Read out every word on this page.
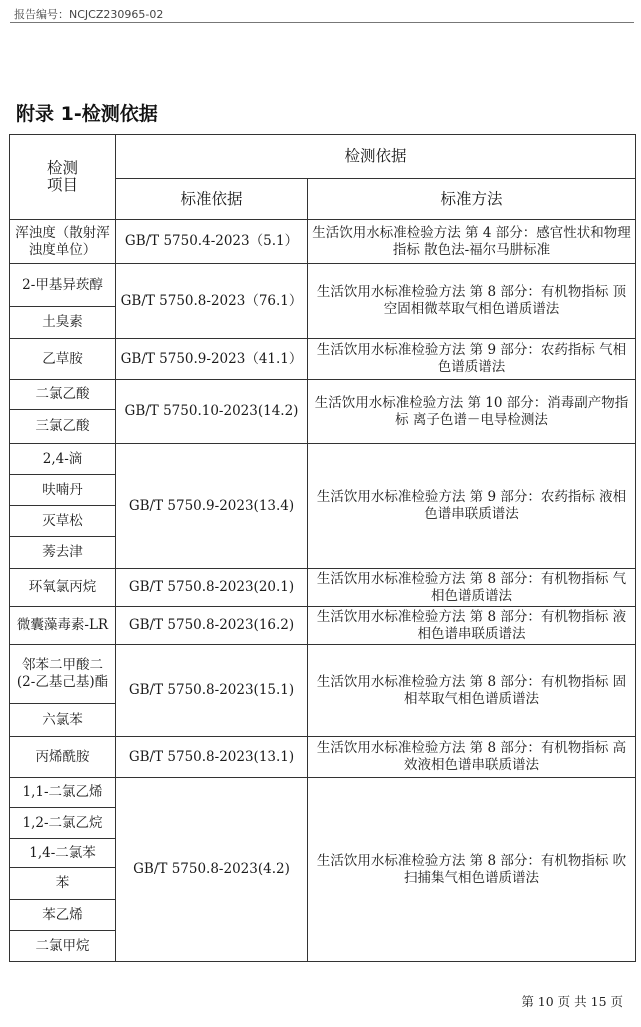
报告编号：NCJCZ230965-02
附录 1-检测依据
检测
项目	检测依据	
	标准依据	标准方法
浑浊度（散射浑浊度单位）	GB/T 5750.4-2023（5.1）	生活饮用水标准检验方法 第 4 部分：感官性状和物理指标 散色法-福尔马肼标准
2-甲基异莰醇	GB/T 5750.8-2023（76.1）	生活饮用水标准检验方法 第 8 部分：有机物指标 顶空固相微萃取气相色谱质谱法
土臭素		
乙草胺	GB/T 5750.9-2023（41.1）	生活饮用水标准检验方法 第 9 部分：农药指标 气相色谱质谱法
二氯乙酸	GB/T 5750.10-2023(14.2)	生活饮用水标准检验方法 第 10 部分：消毒副产物指标 离子色谱－电导检测法
三氯乙酸		
2,4-滴	GB/T 5750.9-2023(13.4)	生活饮用水标准检验方法 第 9 部分：农药指标 液相色谱串联质谱法
呋喃丹		
灭草松		
莠去津		
环氧氯丙烷	GB/T 5750.8-2023(20.1)	生活饮用水标准检验方法 第 8 部分：有机物指标 气相色谱质谱法
微囊藻毒素-LR	GB/T 5750.8-2023(16.2)	生活饮用水标准检验方法 第 8 部分：有机物指标 液相色谱串联质谱法
邻苯二甲酸二(2-乙基己基)酯	GB/T 5750.8-2023(15.1)	生活饮用水标准检验方法 第 8 部分：有机物指标 固相萃取气相色谱质谱法
六氯苯		
丙烯酰胺	GB/T 5750.8-2023(13.1)	生活饮用水标准检验方法 第 8 部分：有机物指标 高效液相色谱串联质谱法
1,1-二氯乙烯	GB/T 5750.8-2023(4.2)	生活饮用水标准检验方法 第 8 部分：有机物指标 吹扫捕集气相色谱质谱法
1,2-二氯乙烷		
1,4-二氯苯		
苯		
苯乙烯		
二氯甲烷		
第 10 页 共 15 页
